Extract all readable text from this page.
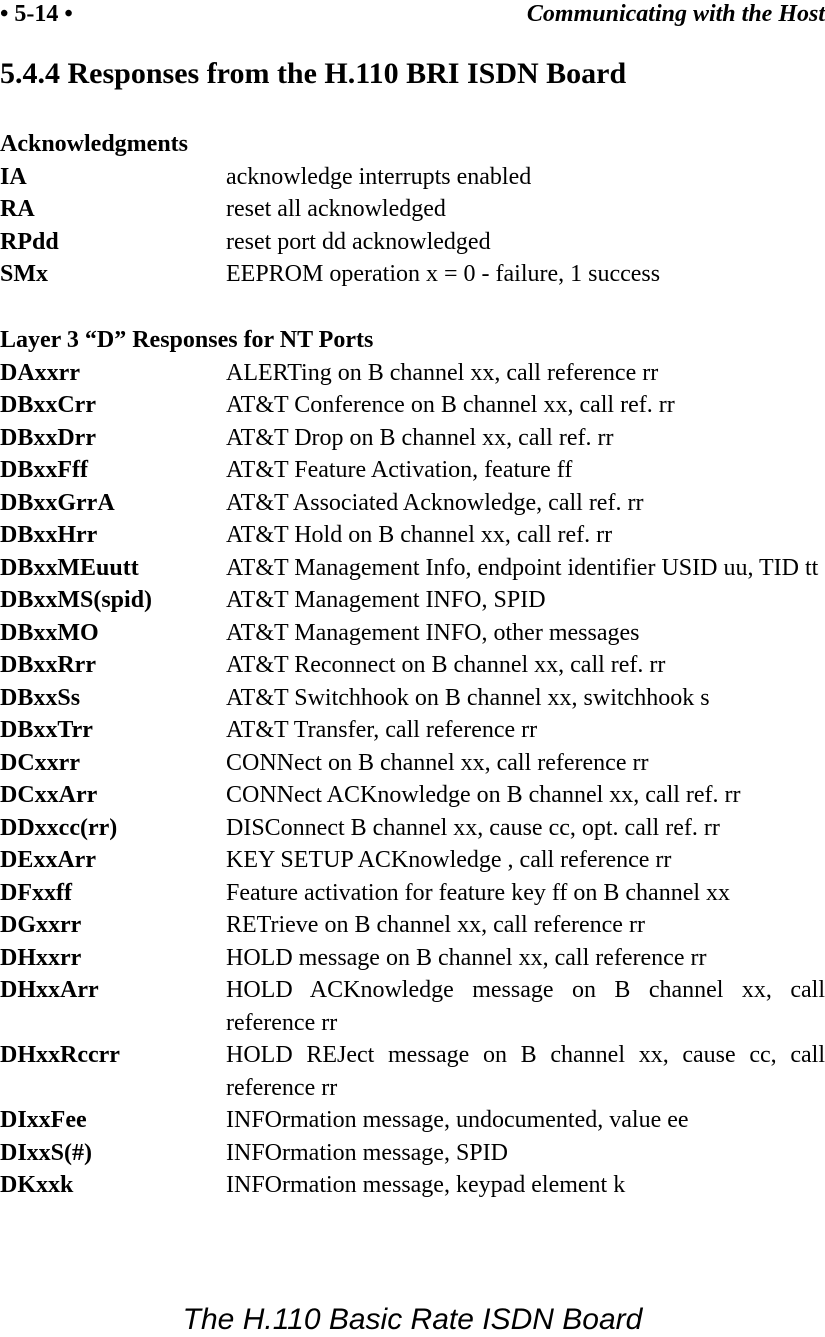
• 5-14 •	Communicating with the Host
5.4.4 Responses from the H.110 BRI ISDN Board
Acknowledgments
IA	acknowledge interrupts enabled
RA	reset all acknowledged
RPdd	reset port dd acknowledged
SMx	EEPROM operation x = 0 - failure, 1 success
Layer 3 “D” Responses for NT Ports
DAxxrr	ALERTing on B channel xx, call reference rr
DBxxCrr	AT&T Conference on B channel xx, call ref. rr
DBxxDrr	AT&T Drop on B channel xx, call ref. rr
DBxxFff	AT&T Feature Activation, feature ff
DBxxGrrA	AT&T Associated Acknowledge, call ref. rr
DBxxHrr	AT&T Hold on B channel xx, call ref. rr
DBxxMEuutt	AT&T Management Info, endpoint identifier USID uu, TID tt
DBxxMS(spid)	AT&T Management INFO, SPID
DBxxMO	AT&T Management INFO, other messages
DBxxRrr	AT&T Reconnect on B channel xx, call ref. rr
DBxxSs	AT&T Switchhook on B channel xx, switchhook s
DBxxTrr	AT&T Transfer, call reference rr
DCxxrr	CONNect on B channel xx, call reference rr
DCxxArr	CONNect ACKnowledge on B channel xx, call ref. rr
DDxxcc(rr)	DISConnect B channel xx, cause cc, opt. call ref. rr
DExxArr	KEY SETUP ACKnowledge , call reference rr
DFxxff	Feature activation for feature key ff on B channel xx
DGxxrr	RETrieve on B channel xx, call reference rr
DHxxrr	HOLD message on B channel xx, call reference rr
DHxxArr	HOLD ACKnowledge message on B channel xx, call reference rr
DHxxRccrr	HOLD REJect message on B channel xx, cause cc, call reference rr
DIxxFee	INFOrmation message, undocumented, value ee
DIxxS(#)	INFOrmation message, SPID
DKxxk	INFOrmation message, keypad element k
The H.110 Basic Rate ISDN Board
